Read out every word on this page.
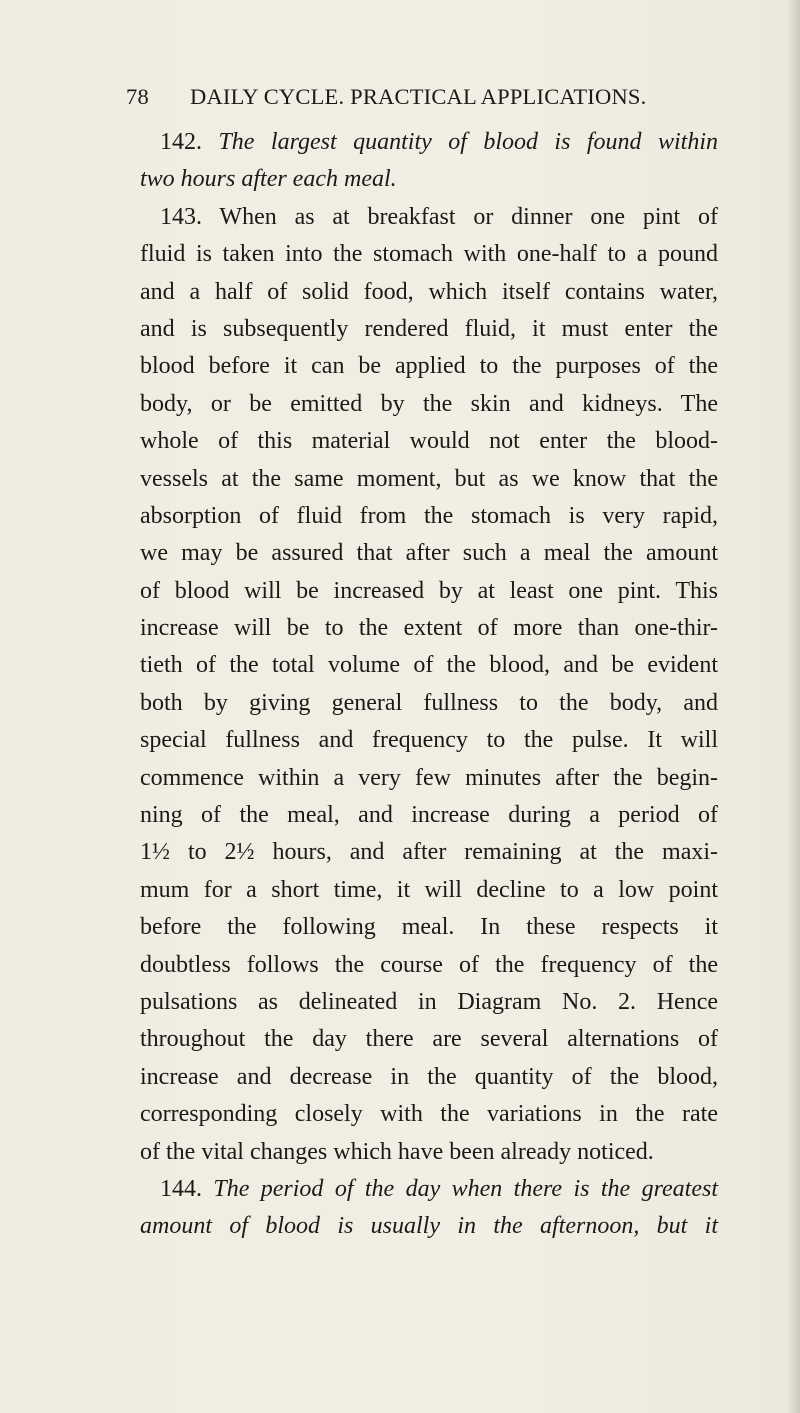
78 DAILY CYCLE. PRACTICAL APPLICATIONS.
142. The largest quantity of blood is found within
two hours after each meal.
143. When as at breakfast or dinner one pint of
fluid is taken into the stomach with one-half to a pound
and a half of solid food, which itself contains water,
and is subsequently rendered fluid, it must enter the
blood before it can be applied to the purposes of the
body, or be emitted by the skin and kidneys. The
whole of this material would not enter the blood-
vessels at the same moment, but as we know that the
absorption of fluid from the stomach is very rapid,
we may be assured that after such a meal the amount
of blood will be increased by at least one pint. This
increase will be to the extent of more than one-thir-
tieth of the total volume of the blood, and be evident
both by giving general fullness to the body, and
special fullness and frequency to the pulse. It will
commence within a very few minutes after the begin-
ning of the meal, and increase during a period of
1½ to 2½ hours, and after remaining at the maxi-
mum for a short time, it will decline to a low point
before the following meal. In these respects it
doubtless follows the course of the frequency of the
pulsations as delineated in Diagram No. 2. Hence
throughout the day there are several alternations of
increase and decrease in the quantity of the blood,
corresponding closely with the variations in the rate
of the vital changes which have been already noticed.
144. The period of the day when there is the greatest
amount of blood is usually in the afternoon, but it
